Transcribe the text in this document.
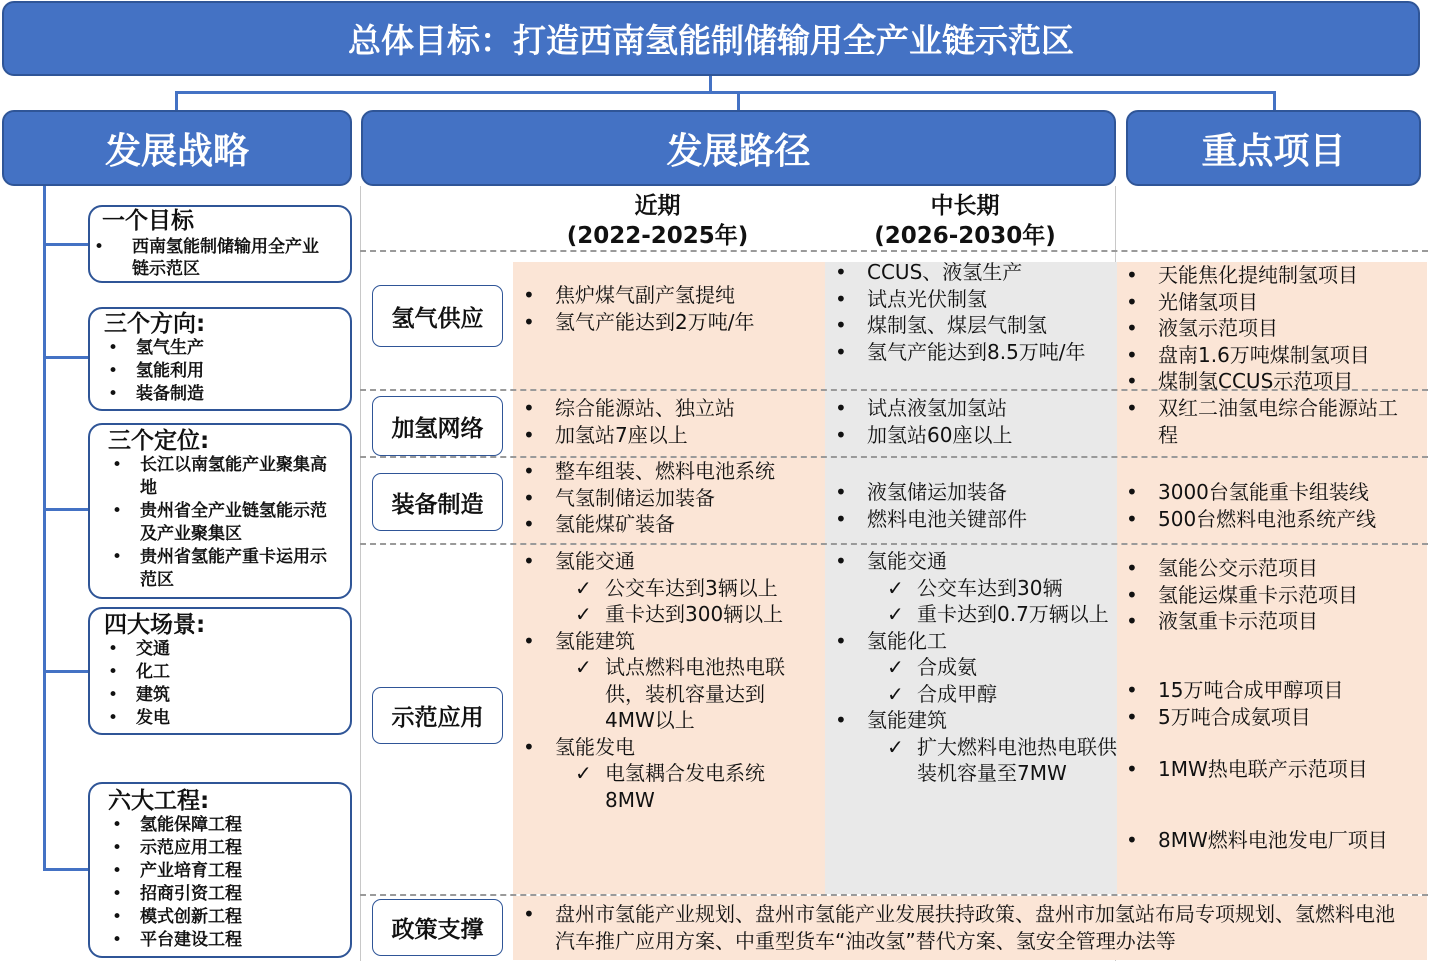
总体目标：打造西南氢能制储输用全产业链示范区
发展战略	发展路径	重点项目
一个目标
• 西南氢能制储输用全产业链示范区
三个方向:
• 氢气生产
• 氢能利用
• 装备制造
三个定位:
• 长江以南氢能产业聚集高地
• 贵州省全产业链氢能示范及产业聚集区
• 贵州省氢能产重卡运用示范区
四大场景:
• 交通
• 化工
• 建筑
• 发电
六大工程:
• 氢能保障工程
• 示范应用工程
• 产业培育工程
• 招商引资工程
• 模式创新工程
• 平台建设工程
近期
(2022-2025年)
中长期
(2026-2030年)
氢气供应
加氢网络
装备制造
示范应用
政策支撑
• 焦炉煤气副产氢提纯
• 氢气产能达到2万吨/年
• CCUS、液氢生产
• 试点光伏制氢
• 煤制氢、煤层气制氢
• 氢气产能达到8.5万吨/年
• 天能焦化提纯制氢项目
• 光储氢项目
• 液氢示范项目
• 盘南1.6万吨煤制氢项目
• 煤制氢CCUS示范项目
• 综合能源站、独立站
• 加氢站7座以上
• 试点液氢加氢站
• 加氢站60座以上
• 双红二油氢电综合能源站工程
• 整车组装、燃料电池系统
• 气氢制储运加装备
• 氢能煤矿装备
• 液氢储运加装备
• 燃料电池关键部件
• 3000台氢能重卡组装线
• 500台燃料电池系统产线
• 氢能交通
✓ 公交车达到3辆以上
✓ 重卡达到300辆以上
• 氢能建筑
✓ 试点燃料电池热电联供，装机容量达到4MW以上
• 氢能发电
✓ 电氢耦合发电系统8MW
• 氢能交通
✓ 公交车达到30辆
✓ 重卡达到0.7万辆以上
• 氢能化工
✓ 合成氨
✓ 合成甲醇
• 氢能建筑
✓ 扩大燃料电池热电联供装机容量至7MW
• 氢能公交示范项目
• 氢能运煤重卡示范项目
• 液氢重卡示范项目
• 15万吨合成甲醇项目
• 5万吨合成氨项目
• 1MW热电联产示范项目
• 8MW燃料电池发电厂项目
• 盘州市氢能产业规划、盘州市氢能产业发展扶持政策、盘州市加氢站布局专项规划、氢燃料电池汽车推广应用方案、中重型货车“油改氢”替代方案、氢安全管理办法等
